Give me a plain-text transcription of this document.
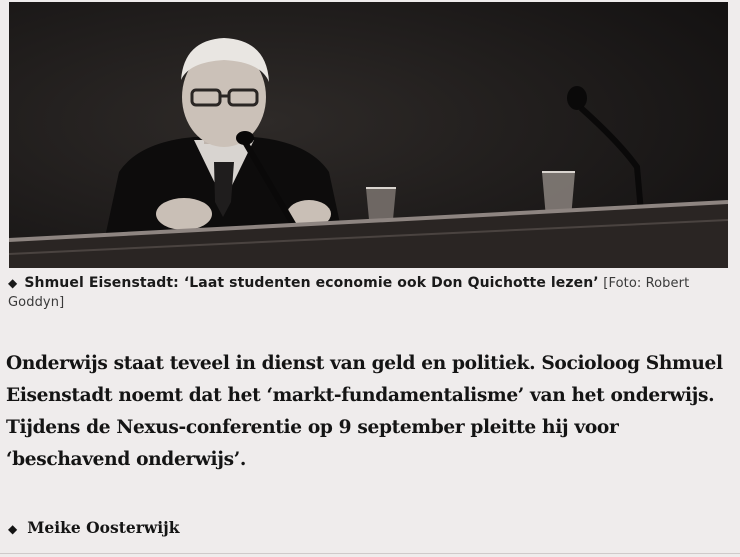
◆ Shmuel Eisenstadt: ‘Laat studenten economie ook Don Quichotte lezen’ [Foto: Robert Goddyn]
Onderwijs staat teveel in dienst van geld en politiek. Socioloog Shmuel
Eisenstadt noemt dat het ‘markt-fundamentalisme’ van het onderwijs.
Tijdens de Nexus-conferentie op 9 september pleitte hij voor
‘beschavend onderwijs’.
◆ Meike Oosterwijk
